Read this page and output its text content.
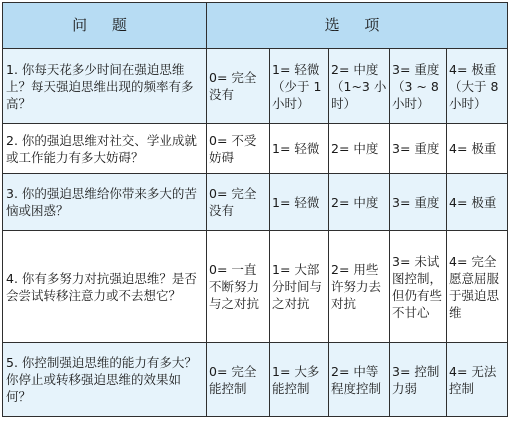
问 题	选 项				
1. 你每天花多少时间在强迫思维上？每天强迫思维出现的频率有多高？	0= 完全没有	1= 轻微（少于 1 小时）	2= 中度（1~3 小时）	3= 重度（3 ~ 8 小时）	4= 极重（大于 8 小时）
2. 你的强迫思维对社交、学业成就或工作能力有多大妨碍？	0= 不受妨碍	1= 轻微	2= 中度	3= 重度	4= 极重
3. 你的强迫思维给你带来多大的苦恼或困惑？	0= 完全没有	1= 轻微	2= 中度	3= 重度	4= 极重
4. 你有多努力对抗强迫思维？是否会尝试转移注意力或不去想它？	0= 一直不断努力与之对抗	1= 大部分时间与之对抗	2= 用些许努力去对抗	3= 未试图控制，但仍有些不甘心	4= 完全愿意屈服于强迫思维
5. 你控制强迫思维的能力有多大？你停止或转移强迫思维的效果如何？	0= 完全能控制	1= 大多能控制	2= 中等程度控制	3= 控制力弱	4= 无法控制
